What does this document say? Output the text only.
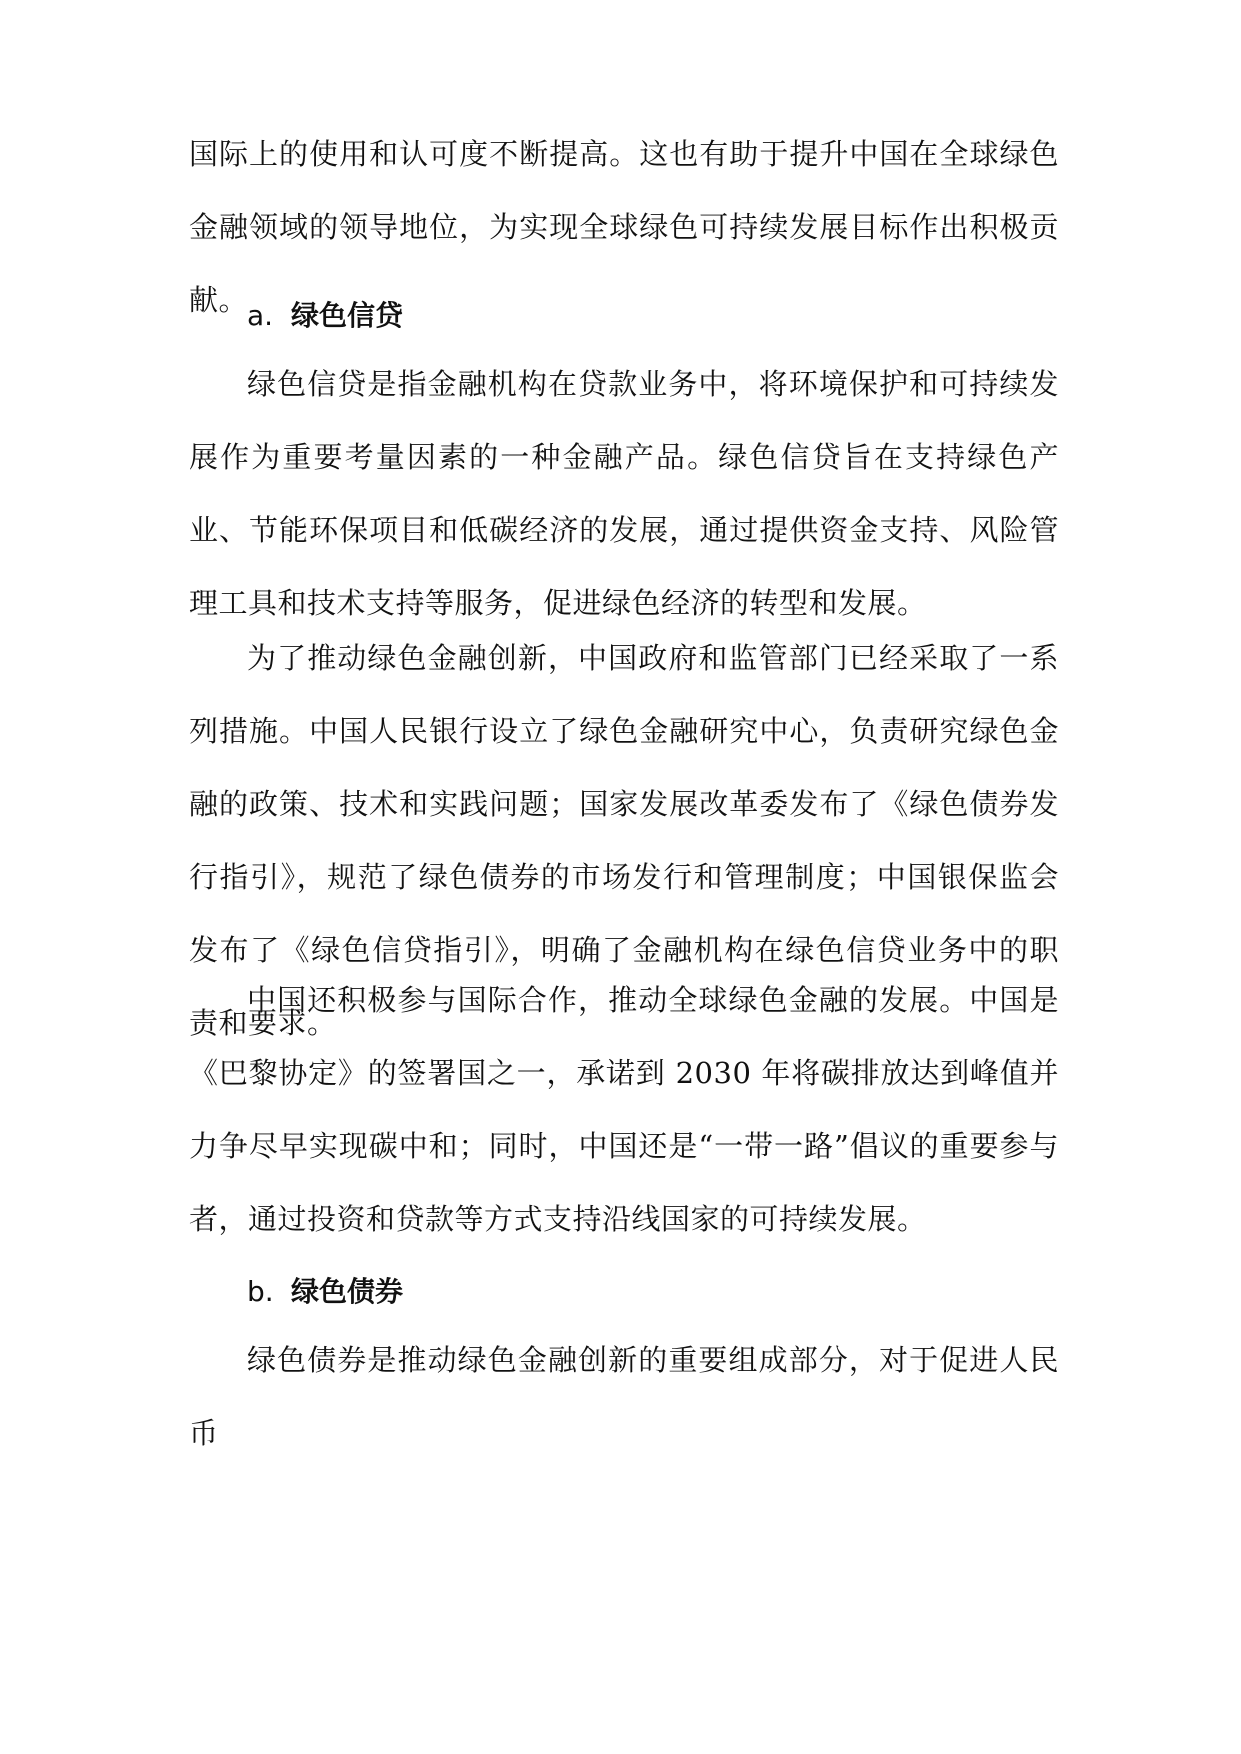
国际上的使用和认可度不断提高。这也有助于提升中国在全球绿色金融领域的领导地位，为实现全球绿色可持续发展目标作出积极贡献。

a. 绿色信贷

绿色信贷是指金融机构在贷款业务中，将环境保护和可持续发展作为重要考量因素的一种金融产品。绿色信贷旨在支持绿色产业、节能环保项目和低碳经济的发展，通过提供资金支持、风险管理工具和技术支持等服务，促进绿色经济的转型和发展。

为了推动绿色金融创新，中国政府和监管部门已经采取了一系列措施。中国人民银行设立了绿色金融研究中心，负责研究绿色金融的政策、技术和实践问题；国家发展改革委发布了《绿色债券发行指引》，规范了绿色债券的市场发行和管理制度；中国银保监会发布了《绿色信贷指引》，明确了金融机构在绿色信贷业务中的职责和要求。

中国还积极参与国际合作，推动全球绿色金融的发展。中国是《巴黎协定》的签署国之一，承诺到 2030 年将碳排放达到峰值并力争尽早实现碳中和；同时，中国还是“一带一路”倡议的重要参与者，通过投资和贷款等方式支持沿线国家的可持续发展。

b. 绿色债券

绿色债券是推动绿色金融创新的重要组成部分，对于促进人民币
